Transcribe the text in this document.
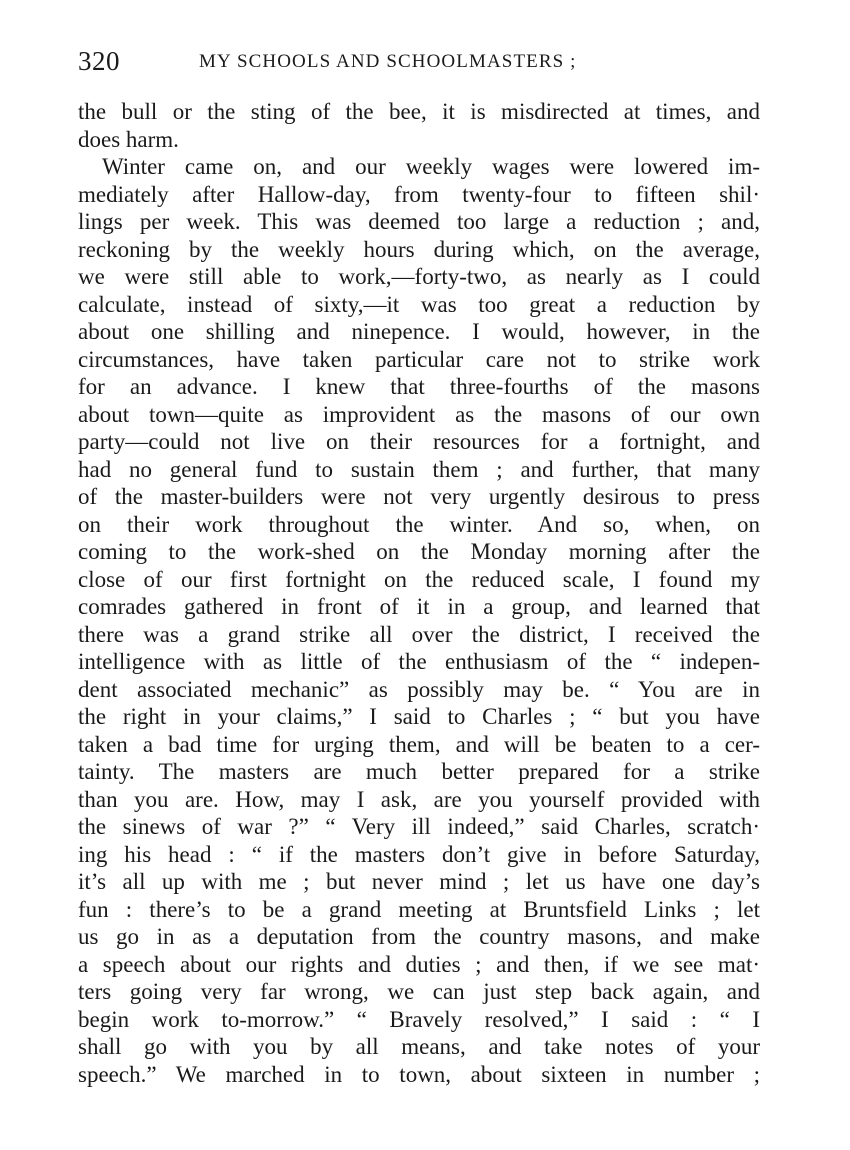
320	MY SCHOOLS AND SCHOOLMASTERS ;
the bull or the sting of the bee, it is misdirected at times, and
does harm.
Winter came on, and our weekly wages were lowered im-
mediately after Hallow-day, from twenty-four to fifteen shil·
lings per week. This was deemed too large a reduction ; and,
reckoning by the weekly hours during which, on the average,
we were still able to work,—forty-two, as nearly as I could
calculate, instead of sixty,—it was too great a reduction by
about one shilling and ninepence. I would, however, in the
circumstances, have taken particular care not to strike work
for an advance. I knew that three-fourths of the masons
about town—quite as improvident as the masons of our own
party—could not live on their resources for a fortnight, and
had no general fund to sustain them ; and further, that many
of the master-builders were not very urgently desirous to press
on their work throughout the winter. And so, when, on
coming to the work-shed on the Monday morning after the
close of our first fortnight on the reduced scale, I found my
comrades gathered in front of it in a group, and learned that
there was a grand strike all over the district, I received the
intelligence with as little of the enthusiasm of the “ indepen-
dent associated mechanic” as possibly may be. “ You are in
the right in your claims,” I said to Charles ; “ but you have
taken a bad time for urging them, and will be beaten to a cer-
tainty. The masters are much better prepared for a strike
than you are. How, may I ask, are you yourself provided with
the sinews of war ?” “ Very ill indeed,” said Charles, scratch·
ing his head : “ if the masters don’t give in before Saturday,
it’s all up with me ; but never mind ; let us have one day’s
fun : there’s to be a grand meeting at Bruntsfield Links ; let
us go in as a deputation from the country masons, and make
a speech about our rights and duties ; and then, if we see mat·
ters going very far wrong, we can just step back again, and
begin work to-morrow.” “ Bravely resolved,” I said : “ I
shall go with you by all means, and take notes of your
speech.” We marched in to town, about sixteen in number ;
